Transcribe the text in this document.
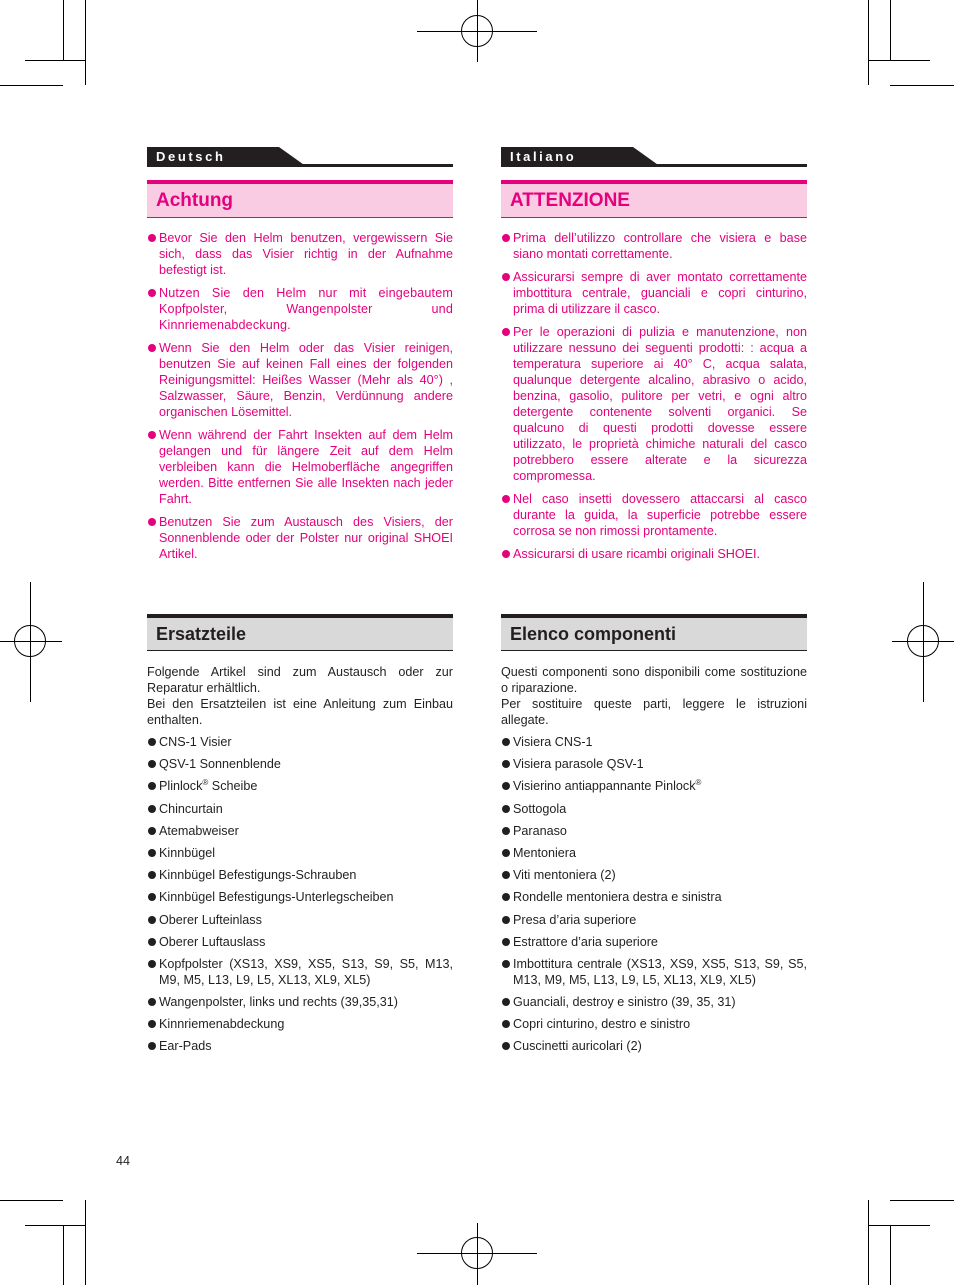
Deutsch
Achtung
Bevor Sie den Helm benutzen, vergewissern Sie sich, dass das Visier richtig in der Aufnahme befestigt ist.
Nutzen Sie den Helm nur mit eingebautem Kopfpolster, Wangenpolster und Kinnriemenabdeckung.
Wenn Sie den Helm oder das Visier reinigen, benutzen Sie auf keinen Fall eines der folgenden Reinigungsmittel: Heißes Wasser (Mehr als 40°) , Salzwasser, Säure, Benzin, Verdünnung andere organischen Lösemittel.
Wenn während der Fahrt Insekten auf dem Helm gelangen und für längere Zeit auf dem Helm verbleiben kann die Helmoberfläche angegriffen werden. Bitte entfernen Sie alle Insekten nach jeder Fahrt.
Benutzen Sie zum Austausch des Visiers, der Sonnenblende oder der Polster nur original SHOEI Artikel.
Italiano
ATTENZIONE
Prima dell’utilizzo controllare che visiera e base siano montati correttamente.
Assicurarsi sempre di aver montato correttamente imbottitura centrale, guanciali e copri cinturino, prima di utilizzare il casco.
Per le operazioni di pulizia e manutenzione, non utilizzare nessuno dei seguenti prodotti: : acqua a temperatura superiore ai 40° C, acqua salata, qualunque detergente alcalino, abrasivo o acido, benzina, gasolio, pulitore per vetri, e ogni altro detergente contenente solventi organici. Se qualcuno di questi prodotti dovesse essere utilizzato, le proprietà chimiche naturali del casco potrebbero essere alterate e la sicurezza compromessa.
Nel caso insetti dovessero attaccarsi al casco durante la guida, la superficie potrebbe essere corrosa se non rimossi prontamente.
Assicurarsi di usare ricambi originali SHOEI.
Ersatzteile
Folgende Artikel sind zum Austausch oder zur Reparatur erhältlich.
Bei den Ersatzteilen ist eine Anleitung zum Einbau enthalten.
CNS-1 Visier
QSV-1 Sonnenblende
Plinlock® Scheibe
Chincurtain
Atemabweiser
Kinnbügel
Kinnbügel Befestigungs-Schrauben
Kinnbügel Befestigungs-Unterlegscheiben
Oberer Lufteinlass
Oberer Luftauslass
Kopfpolster (XS13, XS9, XS5, S13, S9, S5, M13, M9, M5, L13, L9, L5, XL13, XL9, XL5)
Wangenpolster, links und rechts (39,35,31)
Kinnriemenabdeckung
Ear-Pads
Elenco componenti
Questi componenti sono disponibili come sostituzione o riparazione.
Per sostituire queste parti, leggere le istruzioni allegate.
Visiera CNS-1
Visiera parasole QSV-1
Visierino antiappannante Pinlock®
Sottogola
Paranaso
Mentoniera
Viti mentoniera (2)
Rondelle mentoniera destra e sinistra
Presa d’aria superiore
Estrattore d’aria superiore
Imbottitura centrale (XS13, XS9, XS5, S13, S9, S5, M13, M9, M5, L13, L9, L5, XL13, XL9, XL5)
Guanciali, destroy e sinistro (39, 35, 31)
Copri cinturino, destro e sinistro
Cuscinetti auricolari (2)
44
